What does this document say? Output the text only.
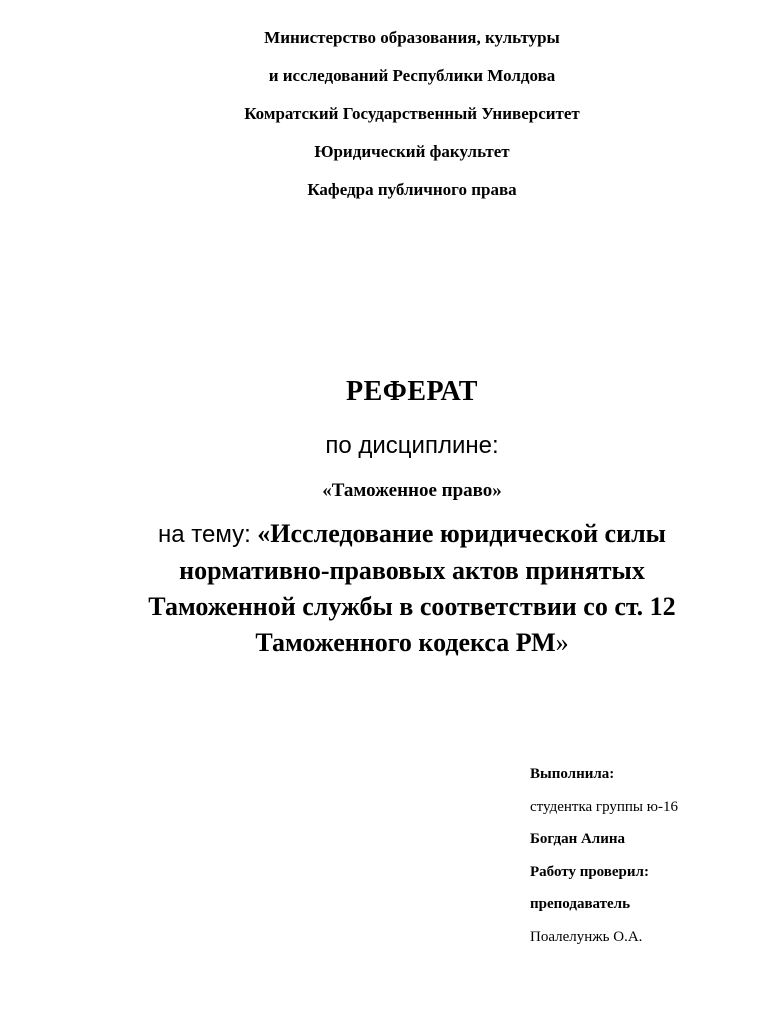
Министерство образования, культуры
и исследований Республики Молдова
Комратский Государственный Университет
Юридический факультет
Кафедра публичного права
РЕФЕРАТ
по дисциплине:
«Таможенное право»
на тему: «Исследование юридической силы
нормативно-правовых актов принятых
Таможенной службы в соответствии со ст. 12
Таможенного кодекса РМ»
Выполнила:
студентка группы ю-16
Богдан Алина
Работу проверил:
преподаватель
Поалелунжь О.А.
